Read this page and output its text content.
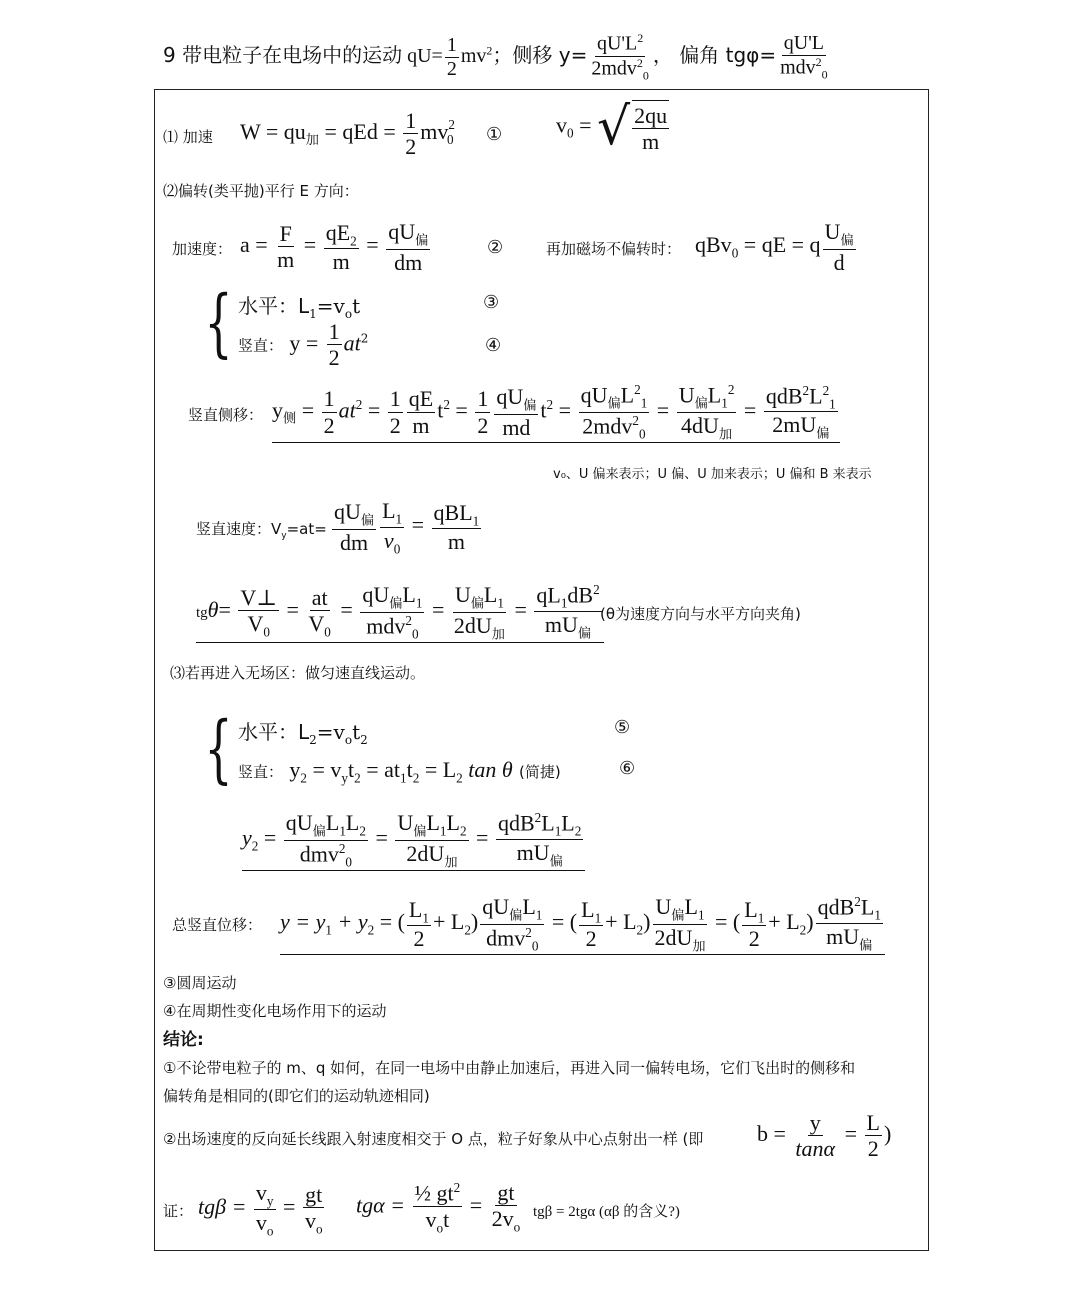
9 带电粒子在电场中的运动 $qU= \frac{1}{2} mv^2$；侧移 $y= \frac{qU'L^2}{2mdv^2_0}$ ， 偏角 $tg\varphi= \frac{qU'L}{mdv^2_0}$
⑴ 加速 $W = qu_加$ = qEd = $\frac{1}{2} mv^2_0$ ① $v_0$ = √ $\frac{2qu}{m}$
⑵偏转(类平抛)平行 E 方向：
加速度： $a = \frac{F}{m} = \frac{qE_2}{m} = \frac{qU_偏}{dm}$	②	再加磁场不偏转时： qBv$_0$ = qE = q $\frac{U_偏}{d}$
{ 水平：$L_1=v_ot$	③
竖直： $y = \frac{1}{2} at^2$	④
竖直侧移： $y_侧 = \frac{1}{2} at^2 = \frac{1}{2} \frac{qE}{m} t^2 = \frac{1}{2} \frac{qU_偏}{md} t^2 = \frac{qU_偏L^2_1}{2mdv^2_0} = \frac{U_偏L_1^2}{4dU_加} = \frac{qdB^2L^2_1}{2mU_偏}$
v₀、U 偏来表示；U 偏、U 加来表示；U 偏和 B 来表示
竖直速度：$V_y=at= \frac{qU_偏}{dm} \frac{L_1}{v_0} = \frac{qBL_1}{m}$
$tg\theta= \frac{V\perp}{V_0} = \frac{at}{V_0} = \frac{qU_偏L_1}{mdv^2_0} = \frac{U_偏L_1}{2dU_加} = \frac{qL_1dB^2}{mU_偏}$
(θ为速度方向与水平方向夹角)
⑶若再进入无场区：做匀速直线运动。
{ 水平：$L_2=v_ot_2$
⑤
竖直： $y_2 = v_yt_2 = at_1t_2 = L_2$ tan θ (简捷)	⑥
$y_2 = \frac{qU_偏L_1L_2}{dmv^2_0} = \frac{U_偏L_1L_2}{2dU_加} = \frac{qdB^2L_1L_2}{mU_偏}$
总竖直位移： $y = y_1 + y_2$ = ( $\frac{L_1}{2} + L_2) \frac{qU_偏L_1}{dmv^2_0}$ = ( $\frac{L_1}{2} + L_2) \frac{U_偏L_1}{2dU_加}$ = ( $\frac{L_1}{2} + L_2) \frac{qdB^2L_1}{mU_偏}$
③圆周运动
④在周期性变化电场作用下的运动
结论:
①不论带电粒子的 m、q 如何，在同一电场中由静止加速后，再进入同一偏转电场，它们飞出时的侧移和
偏转角是相同的(即它们的运动轨迹相同)
②出场速度的反向延长线跟入射速度相交于 O 点，粒子好象从中心点射出一样 (即 $b = \frac{y}{\tan\alpha} = \frac{L}{2}$ )
证： $tg\beta = \frac{v_y}{v_o} = \frac{gt}{v_o}$ $tg\alpha = \frac{\frac{1}{2} gt^2}{v_ot} = \frac{gt}{2v_o}$ tgβ = 2tgα (αβ 的含义?)
